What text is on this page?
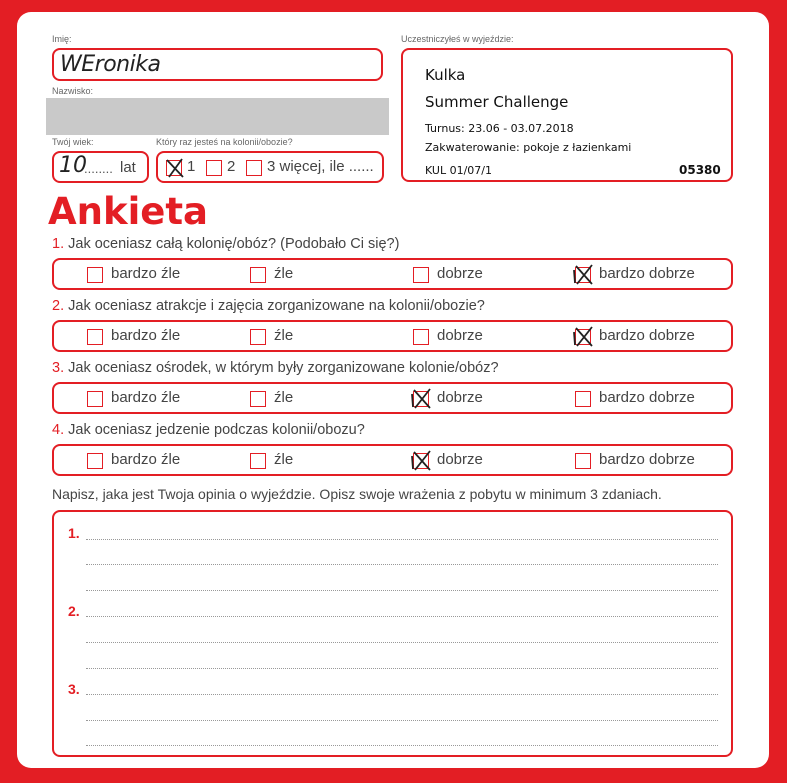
Imię:
WEronika
Nazwisko:
Twój wiek:
10
........ lat
Który raz jesteś na kolonii/obozie?
1 2 3 więcej, ile ......
Uczestniczyłeś w wyjeździe:
Kulka
Summer Challenge
Turnus: 23.06 - 03.07.2018
Zakwaterowanie: pokoje z łazienkami
KUL 01/07/1	05380
Ankieta
1. Jak oceniasz całą kolonię/obóz? (Podobało Ci się?)
bardzo źle	źle	dobrze	bardzo dobrze
2. Jak oceniasz atrakcje i zajęcia zorganizowane na kolonii/obozie?
bardzo źle	źle	dobrze	bardzo dobrze
3. Jak oceniasz ośrodek, w którym były zorganizowane kolonie/obóz?
bardzo źle	źle	dobrze	bardzo dobrze
4. Jak oceniasz jedzenie podczas kolonii/obozu?
bardzo źle	źle	dobrze	bardzo dobrze
Napisz, jaka jest Twoja opinia o wyjeździe. Opisz swoje wrażenia z pobytu w minimum 3 zdaniach.
1.
2.
3.
